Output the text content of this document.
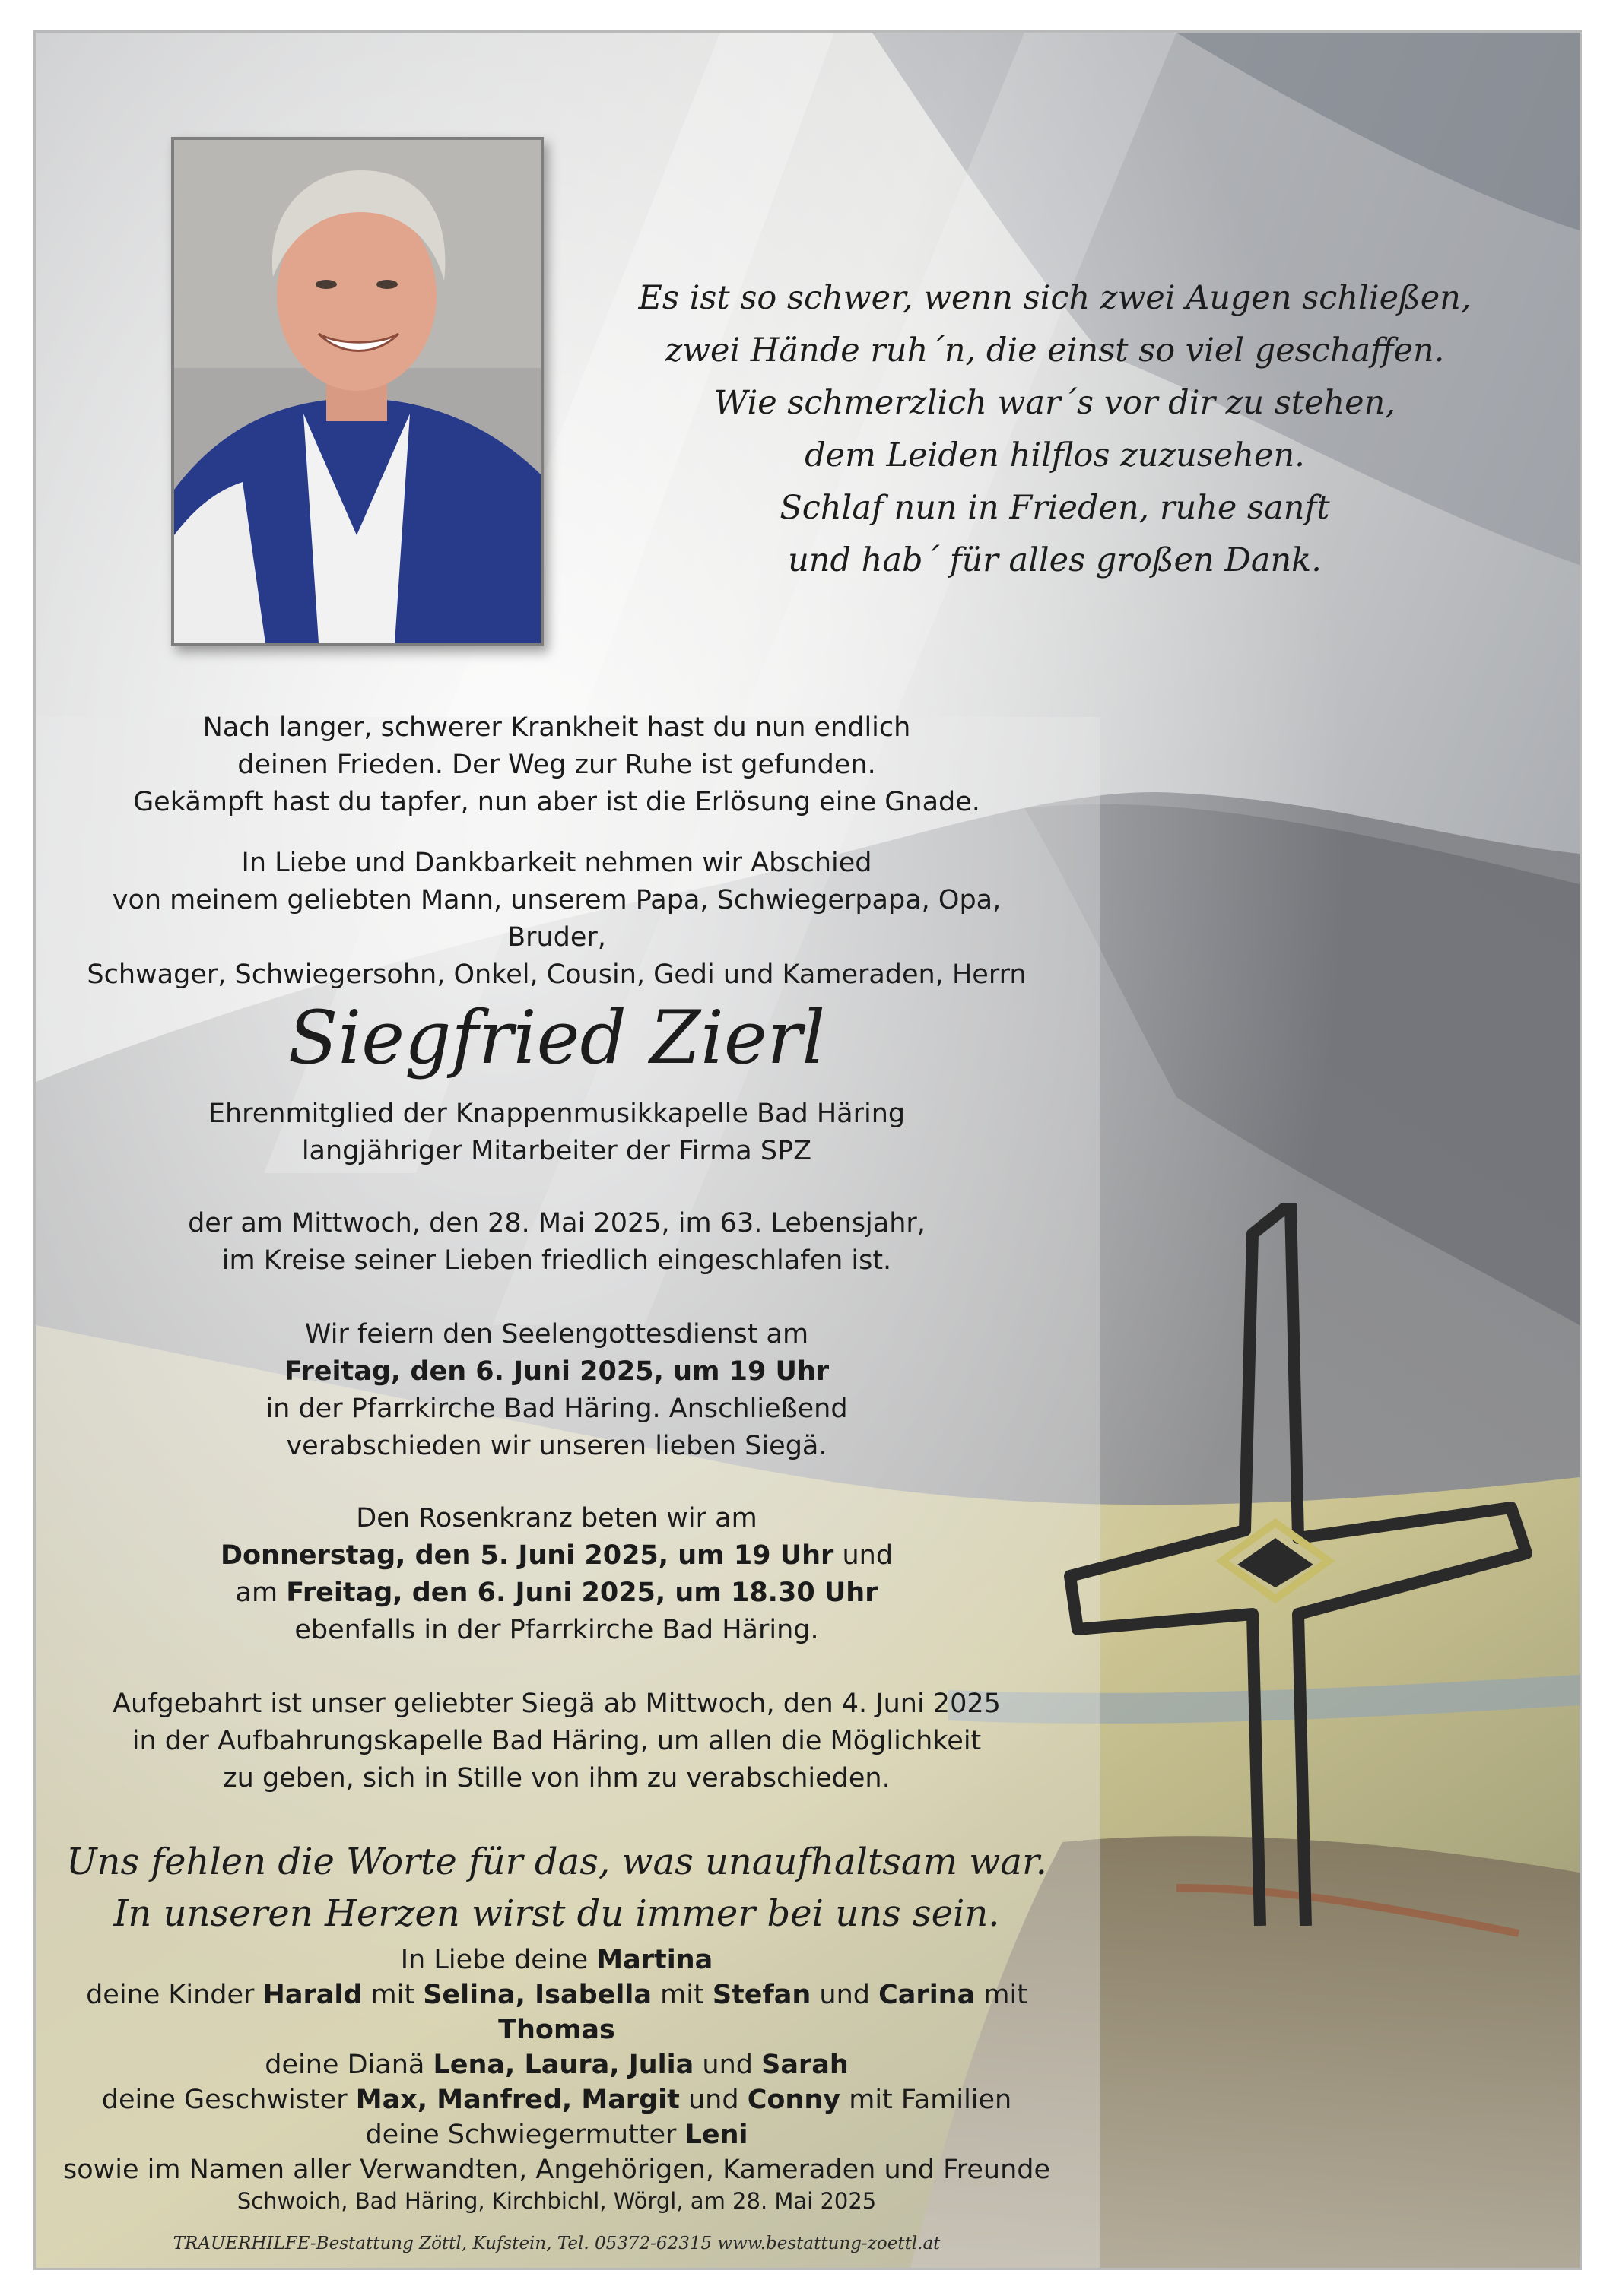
Es ist so schwer, wenn sich zwei Augen schließen,
zwei Hände ruh´n, die einst so viel geschaffen.
Wie schmerzlich war´s vor dir zu stehen,
dem Leiden hilflos zuzusehen.
Schlaf nun in Frieden, ruhe sanft
und hab´ für alles großen Dank.
Nach langer, schwerer Krankheit hast du nun endlich
deinen Frieden. Der Weg zur Ruhe ist gefunden.
Gekämpft hast du tapfer, nun aber ist die Erlösung eine Gnade.
In Liebe und Dankbarkeit nehmen wir Abschied
von meinem geliebten Mann, unserem Papa, Schwiegerpapa, Opa, Bruder,
Schwager, Schwiegersohn, Onkel, Cousin, Gedi und Kameraden, Herrn
Siegfried Zierl
Ehrenmitglied der Knappenmusikkapelle Bad Häring
langjähriger Mitarbeiter der Firma SPZ
der am Mittwoch, den 28. Mai 2025, im 63. Lebensjahr,
im Kreise seiner Lieben friedlich eingeschlafen ist.
Wir feiern den Seelengottesdienst am
Freitag, den 6. Juni 2025, um 19 Uhr
in der Pfarrkirche Bad Häring. Anschließend
verabschieden wir unseren lieben Siegä.
Den Rosenkranz beten wir am
Donnerstag, den 5. Juni 2025, um 19 Uhr und
am Freitag, den 6. Juni 2025, um 18.30 Uhr
ebenfalls in der Pfarrkirche Bad Häring.
Aufgebahrt ist unser geliebter Siegä ab Mittwoch, den 4. Juni 2025
in der Aufbahrungskapelle Bad Häring, um allen die Möglichkeit
zu geben, sich in Stille von ihm zu verabschieden.
Uns fehlen die Worte für das, was unaufhaltsam war.
In unseren Herzen wirst du immer bei uns sein.
In Liebe deine Martina
deine Kinder Harald mit Selina, Isabella mit Stefan und Carina mit Thomas
deine Dianä Lena, Laura, Julia und Sarah
deine Geschwister Max, Manfred, Margit und Conny mit Familien
deine Schwiegermutter Leni
sowie im Namen aller Verwandten, Angehörigen, Kameraden und Freunde
Schwoich, Bad Häring, Kirchbichl, Wörgl, am 28. Mai 2025
TRAUERHILFE-Bestattung Zöttl, Kufstein, Tel. 05372-62315 www.bestattung-zoettl.at
